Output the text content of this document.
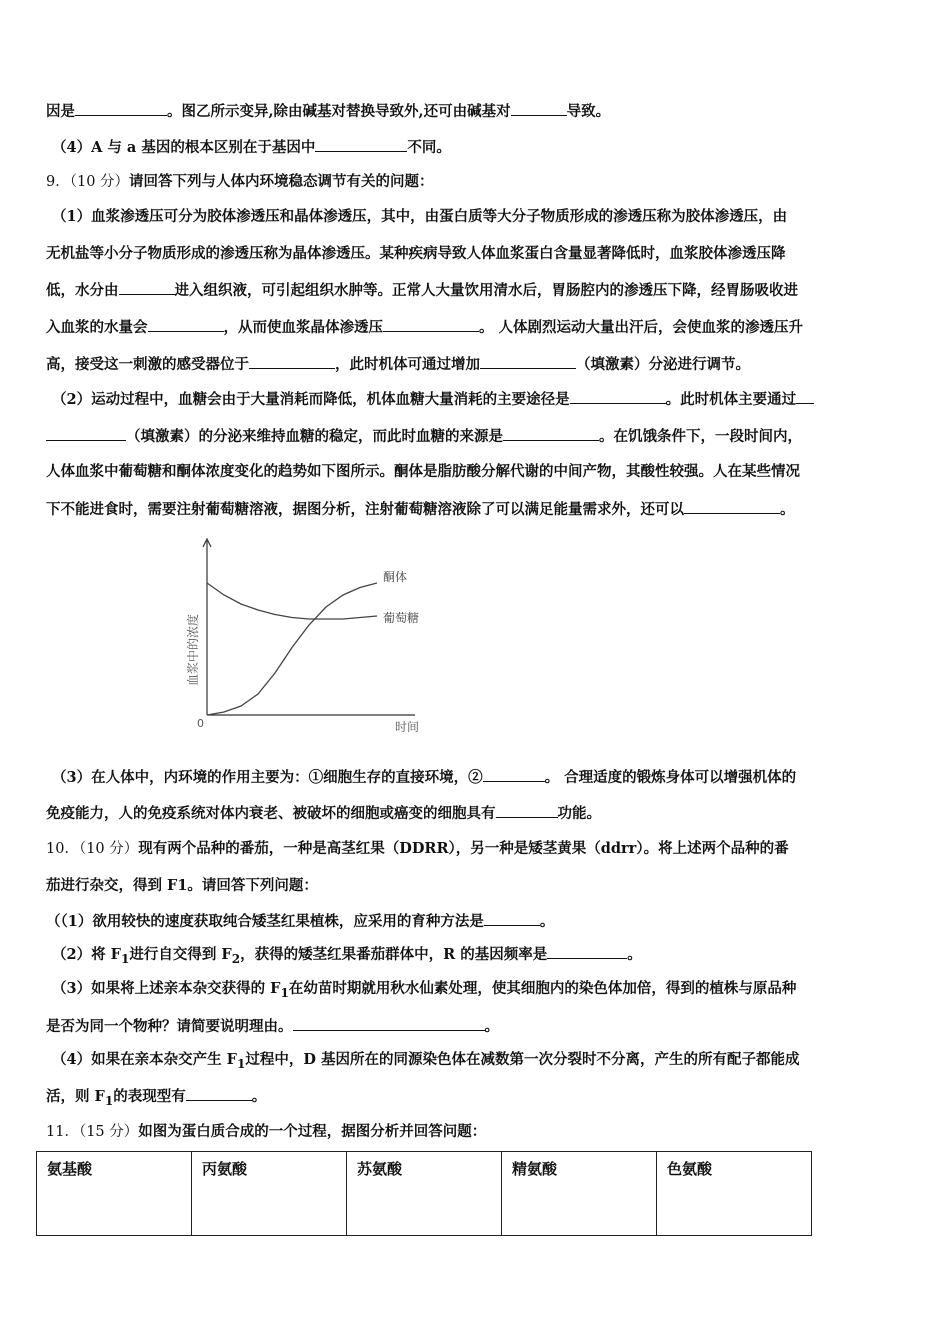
因是	。图乙所示变异,除由碱基对替换导致外,还可由碱基对	导致。
（4）A 与 a 基因的根本区别在于基因中	不同。
9．（10 分）请回答下列与人体内环境稳态调节有关的问题：
（1）血浆渗透压可分为胶体渗透压和晶体渗透压，其中，由蛋白质等大分子物质形成的渗透压称为胶体渗透压，由
无机盐等小分子物质形成的渗透压称为晶体渗透压。某种疾病导致人体血浆蛋白含量显著降低时，血浆胶体渗透压降
低，水分由	进入组织液，可引起组织水肿等。正常人大量饮用清水后，胃肠腔内的渗透压下降，经胃肠吸收进
入血浆的水量会	，从而使血浆晶体渗透压	。 人体剧烈运动大量出汗后，会使血浆的渗透压升
高，接受这一刺激的感受器位于	，此时机体可通过增加	（填激素）分泌进行调节。
（2）运动过程中，血糖会由于大量消耗而降低，机体血糖大量消耗的主要途径是	。此时机体主要通过
（填激素）的分泌来维持血糖的稳定，而此时血糖的来源是	。在饥饿条件下，一段时间内，
人体血浆中葡萄糖和酮体浓度变化的趋势如下图所示。酮体是脂肪酸分解代谢的中间产物，其酸性较强。人在某些情况
下不能进食时，需要注射葡萄糖溶液，据图分析，注射葡萄糖溶液除了可以满足能量需求外，还可以	。
血浆中的浓度
时间
0
酮体
葡萄糖
（3）在人体中，内环境的作用主要为：①细胞生存的直接环境，②	。 合理适度的锻炼身体可以增强机体的
免疫能力，人的免疫系统对体内衰老、被破坏的细胞或癌变的细胞具有	功能。
10．（10 分）现有两个品种的番茄，一种是高茎红果（DDRR），另一种是矮茎黄果（ddrr）。将上述两个品种的番
茄进行杂交，得到 F1。请回答下列问题：
（（1）欲用较快的速度获取纯合矮茎红果植株，应采用的育种方法是	。
（2）将 $F_1$进行自交得到 $F_2$，获得的矮茎红果番茄群体中，R 的基因频率是	。
（3）如果将上述亲本杂交获得的 $F_1$在幼苗时期就用秋水仙素处理，使其细胞内的染色体加倍，得到的植株与原品种
是否为同一个物种？请简要说明理由。	。
（4）如果在亲本杂交产生 $F_1$过程中，D 基因所在的同源染色体在减数第一次分裂时不分离，产生的所有配子都能成
活，则 $F_1$的表现型有	。
11．（15 分）如图为蛋白质合成的一个过程，据图分析并回答问题：
氨基酸	丙氨酸	苏氨酸	精氨酸	色氨酸
